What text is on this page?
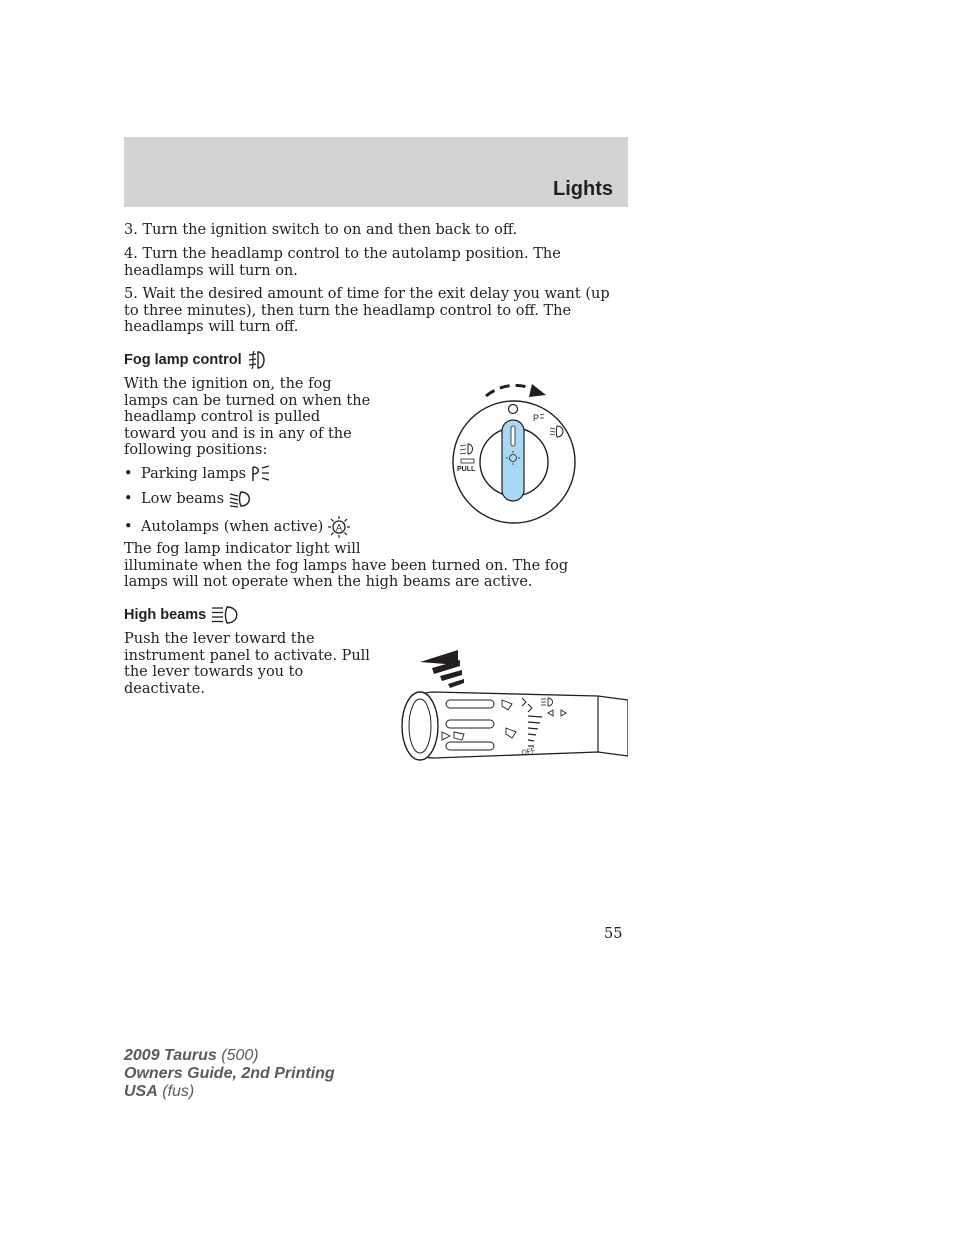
Lights

3. Turn the ignition switch to on and then back to off.

4. Turn the headlamp control to the autolamp position. The headlamps will turn on.

5. Wait the desired amount of time for the exit delay you want (up to three minutes), then turn the headlamp control to off. The headlamps will turn off.

Fog lamp control

With the ignition on, the fog lamps can be turned on when the headlamp control is pulled toward you and is in any of the following positions:

• Parking lamps
• Low beams
• Autolamps (when active) A

The fog lamp indicator light will
illuminate when the fog lamps have been turned on. The fog lamps will not operate when the high beams are active.

P
PULL
High beams

Push the lever toward the instrument panel to activate. Pull the lever towards you to deactivate.

OFF
55
2009 Taurus (500)
Owners Guide, 2nd Printing
USA (fus)
